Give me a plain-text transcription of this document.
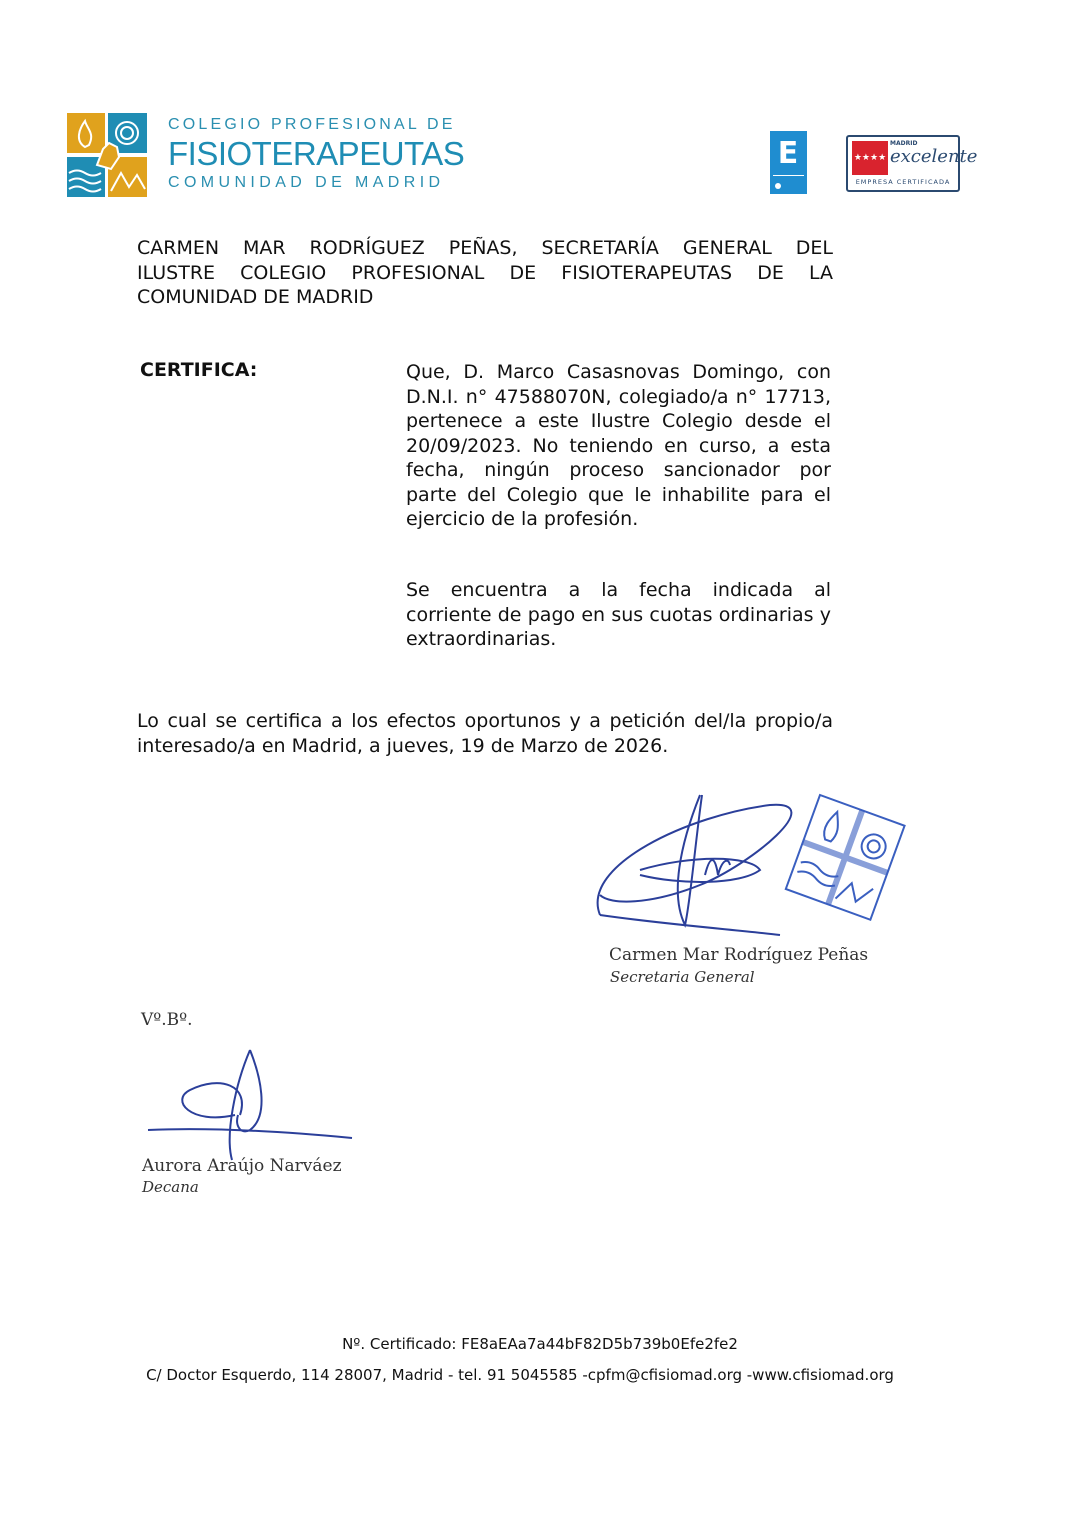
COLEGIO PROFESIONAL DE
FISIOTERAPEUTAS
COMUNIDAD DE MADRID
E	★★★★
MADRID
excelente
EMPRESA CERTIFICADA
CARMEN MAR RODRÍGUEZ PEÑAS, SECRETARÍA GENERAL DEL
ILUSTRE COLEGIO PROFESIONAL DE FISIOTERAPEUTAS DE LA
COMUNIDAD DE MADRID
CERTIFICA:	Que, D. Marco Casasnovas Domingo, con D.N.I. n° 47588070N, colegiado/a n° 17713, pertenece a este Ilustre Colegio desde el 20/09/2023. No teniendo en curso, a esta fecha, ningún proceso sancionador por parte del Colegio que le inhabilite para el ejercicio de la profesión.
Se encuentra a la fecha indicada al corriente de pago en sus cuotas ordinarias y extraordinarias.
Lo cual se certifica a los efectos oportunos y a petición del/la propio/a interesado/a en Madrid, a jueves, 19 de Marzo de 2026.
Carmen Mar Rodríguez Peñas
Secretaria General
Vº.Bº.
Aurora Araújo Narváez
Decana
Nº. Certificado: FE8aEAa7a44bF82D5b739b0Efe2fe2
C/ Doctor Esquerdo, 114 28007, Madrid - tel. 91 5045585 -cpfm@cfisiomad.org -www.cfisiomad.org
